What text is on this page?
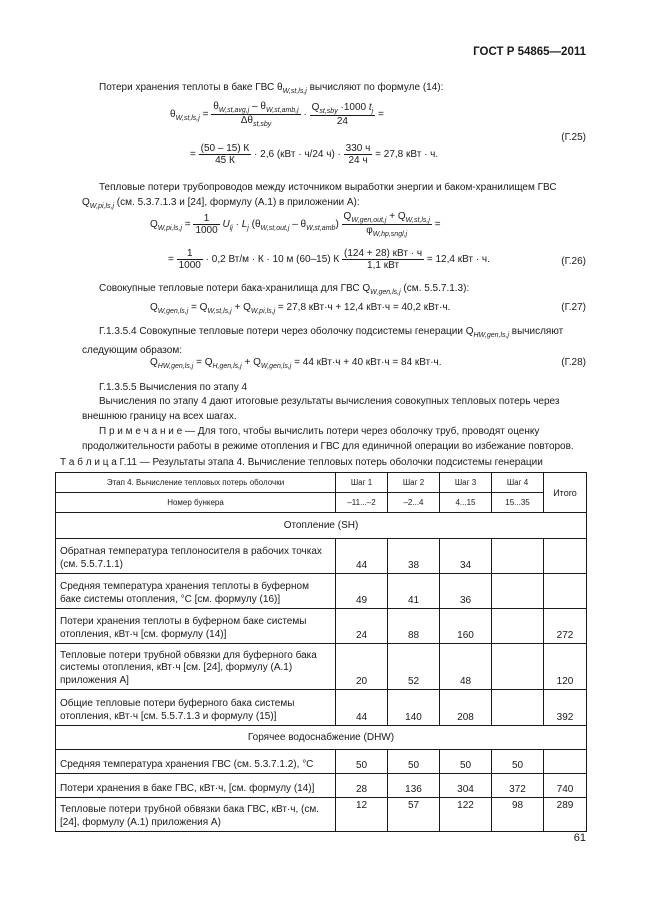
ГОСТ Р 54865—2011
Потери хранения теплоты в баке ГВС $\theta_{W,st,ls,j}$ вычисляют по формуле (14):
$\theta_{W,st,ls,j} = \frac{\theta_{W,st,avg,j} - \theta_{W,st,amb,j}}{\Delta\theta_{st,sby}} \cdot \frac{Q_{st,sby} \cdot 1000 t_j}{24}$ =
(Г.25)
= $\frac{(50 - 15) К}{45 К} \cdot 2,6$ (кВт · ч/24 $ч) \cdot \frac{330 ч}{24 ч} = 27,8$ кВт · ч.
Тепловые потери трубопроводов между источником выработки энергии и баком-хранилищем ГВС $Q_{W,pi,ls,j}$ (см. 5.3.7.1.3 и [24], формулу (А.1) в приложении А):
$Q_{W,pi,ls,j} = \frac{1}{1000} U_{lj} \cdot L_j$ $(\theta_{W,st,out,j} - \theta_{W,st,amb}) \frac{Q_{W,gen,out,j} + Q_{W,st,ls,j}}{\varphi_{W,hp,sngl,j}}$ =
= $\frac{1}{1000} \cdot 0,2$ Вт/м · К · 10 м (60–15) К $\frac{\text{(124 + 28) кВт · ч}}{\text{1,1 кВт}} = 12,4$ кВт · ч.	(Г.26)
Совокупные тепловые потери бака-хранилища для ГВС $Q_{W,gen,ls,j}$ (см. 5.5.7.1.3):
$Q_{W,gen,ls,j} = Q_{W,st,ls,j} + Q_{W,pi,ls,j} = 27,8$ кВт·ч + 12,4 кВт·ч = 40,2 кВт·ч.	(Г.27)
Г.1.3.5.4 Совокупные тепловые потери через оболочку подсистемы генерации $Q_{HW,gen,ls,j}$ вычисляют следующим образом:
$Q_{HW,gen,ls,j} = Q_{H,gen,ls,j} + Q_{W,gen,ls,j} = 44$ кВт·ч + 40 кВт·ч = 84 кВт·ч.	(Г.28)
Г.1.3.5.5 Вычисления по этапу 4
Вычисления по этапу 4 дают итоговые результаты вычисления совокупных тепловых потерь через внешнюю границу на всех шагах.
П р и м е ч а н и е — Для того, чтобы вычислить потери через оболочку труб, проводят оценку продолжительности работы в режиме отопления и ГВС для единичной операции во избежание повторов.
Т а б л и ц а Г.11 — Результаты этапа 4. Вычисление тепловых потерь оболочки подсистемы генерации
Этап 4. Вычисление тепловых потерь оболочки	Шаг 1	Шаг 2	Шаг 3	Шаг 4	Итого
Номер бункера	–11...–2	–2...4	4...15	15...35	
Отопление (SH)					
Обратная температура теплоносителя в рабочих точках (см. 5.5.7.1.1)	44	38	34		
Средняя температура хранения теплоты в буферном баке системы отопления, °С [см. формулу (16)]	49	41	36		
Потери хранения теплоты в буферном баке системы отопления, кВт·ч [см. формулу (14)]	24	88	160		272
Тепловые потери трубной обвязки для буферного бака системы отопления, кВт·ч [см. [24], формулу (А.1) приложения А]	20	52	48		120
Общие тепловые потери буферного бака системы отопления, кВт·ч [см. 5.5.7.1.3 и формулу (15)]	44	140	208		392
Горячее водоснабжение (DHW)					
Средняя температура хранения ГВС (см. 5.3.7.1.2), °С	50	50	50	50	
Потери хранения в баке ГВС, кВт·ч, [см. формулу (14)]	28	136	304	372	740
Тепловые потери трубной обвязки бака ГВС, кВт·ч, (см. [24], формулу (А.1) приложения А)	12	57	122	98	289
61
